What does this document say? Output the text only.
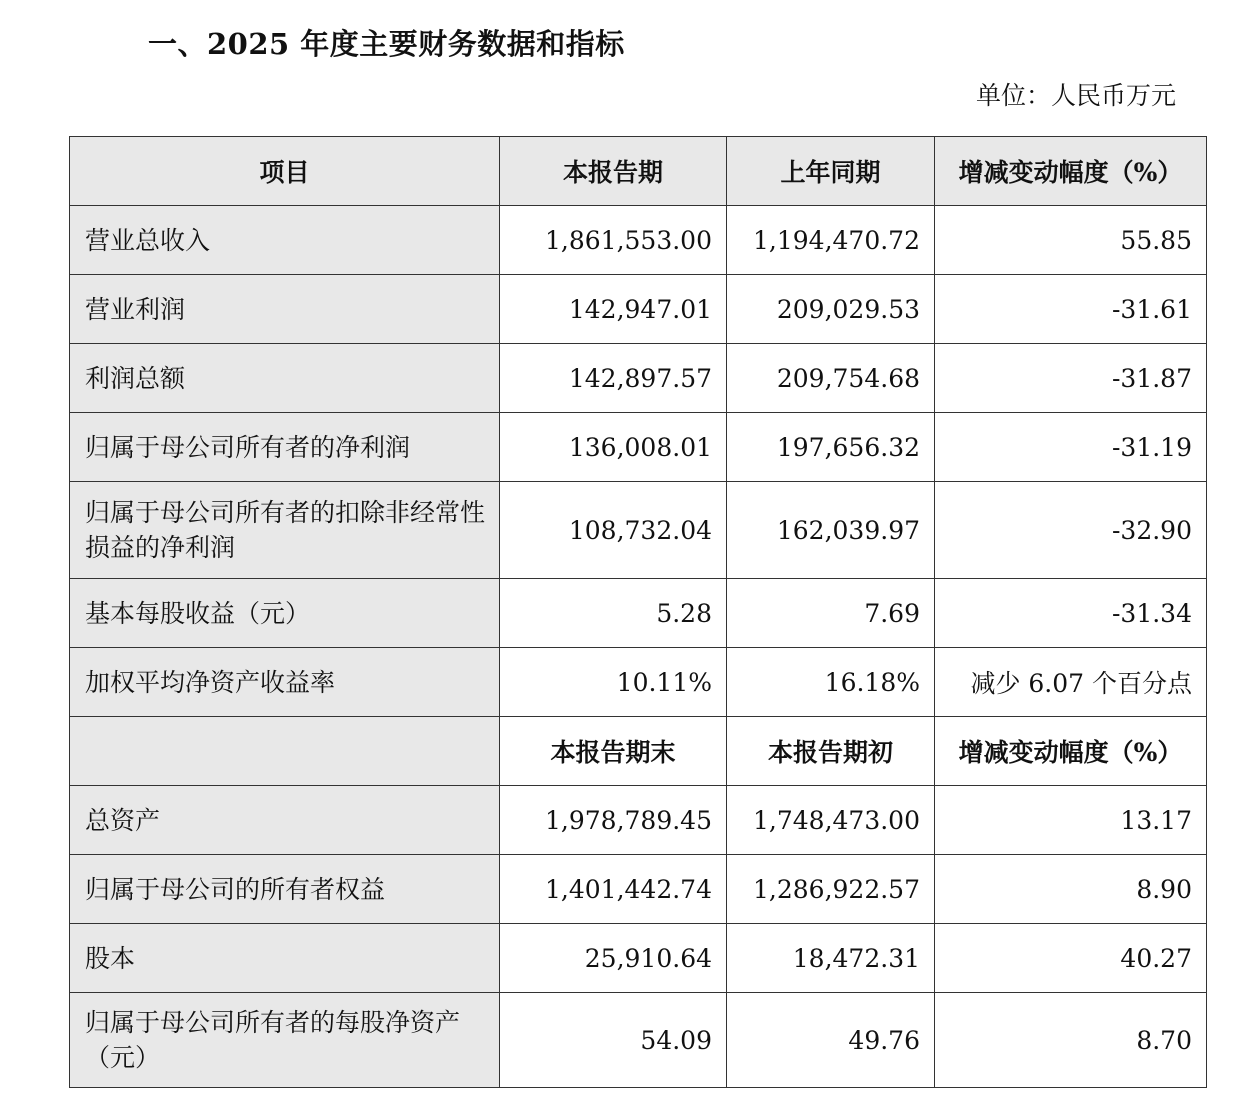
一、2025 年度主要财务数据和指标
单位：人民币万元
项目	本报告期	上年同期	增减变动幅度（%）
营业总收入	1,861,553.00	1,194,470.72	55.85
营业利润	142,947.01	209,029.53	-31.61
利润总额	142,897.57	209,754.68	-31.87
归属于母公司所有者的净利润	136,008.01	197,656.32	-31.19
归属于母公司所有者的扣除非经常性损益的净利润	108,732.04	162,039.97	-32.90
基本每股收益（元）	5.28	7.69	-31.34
加权平均净资产收益率	10.11%	16.18%	减少 6.07 个百分点
	本报告期末	本报告期初	增减变动幅度（%）
总资产	1,978,789.45	1,748,473.00	13.17
归属于母公司的所有者权益	1,401,442.74	1,286,922.57	8.90
股本	25,910.64	18,472.31	40.27
归属于母公司所有者的每股净资产（元）	54.09	49.76	8.70
